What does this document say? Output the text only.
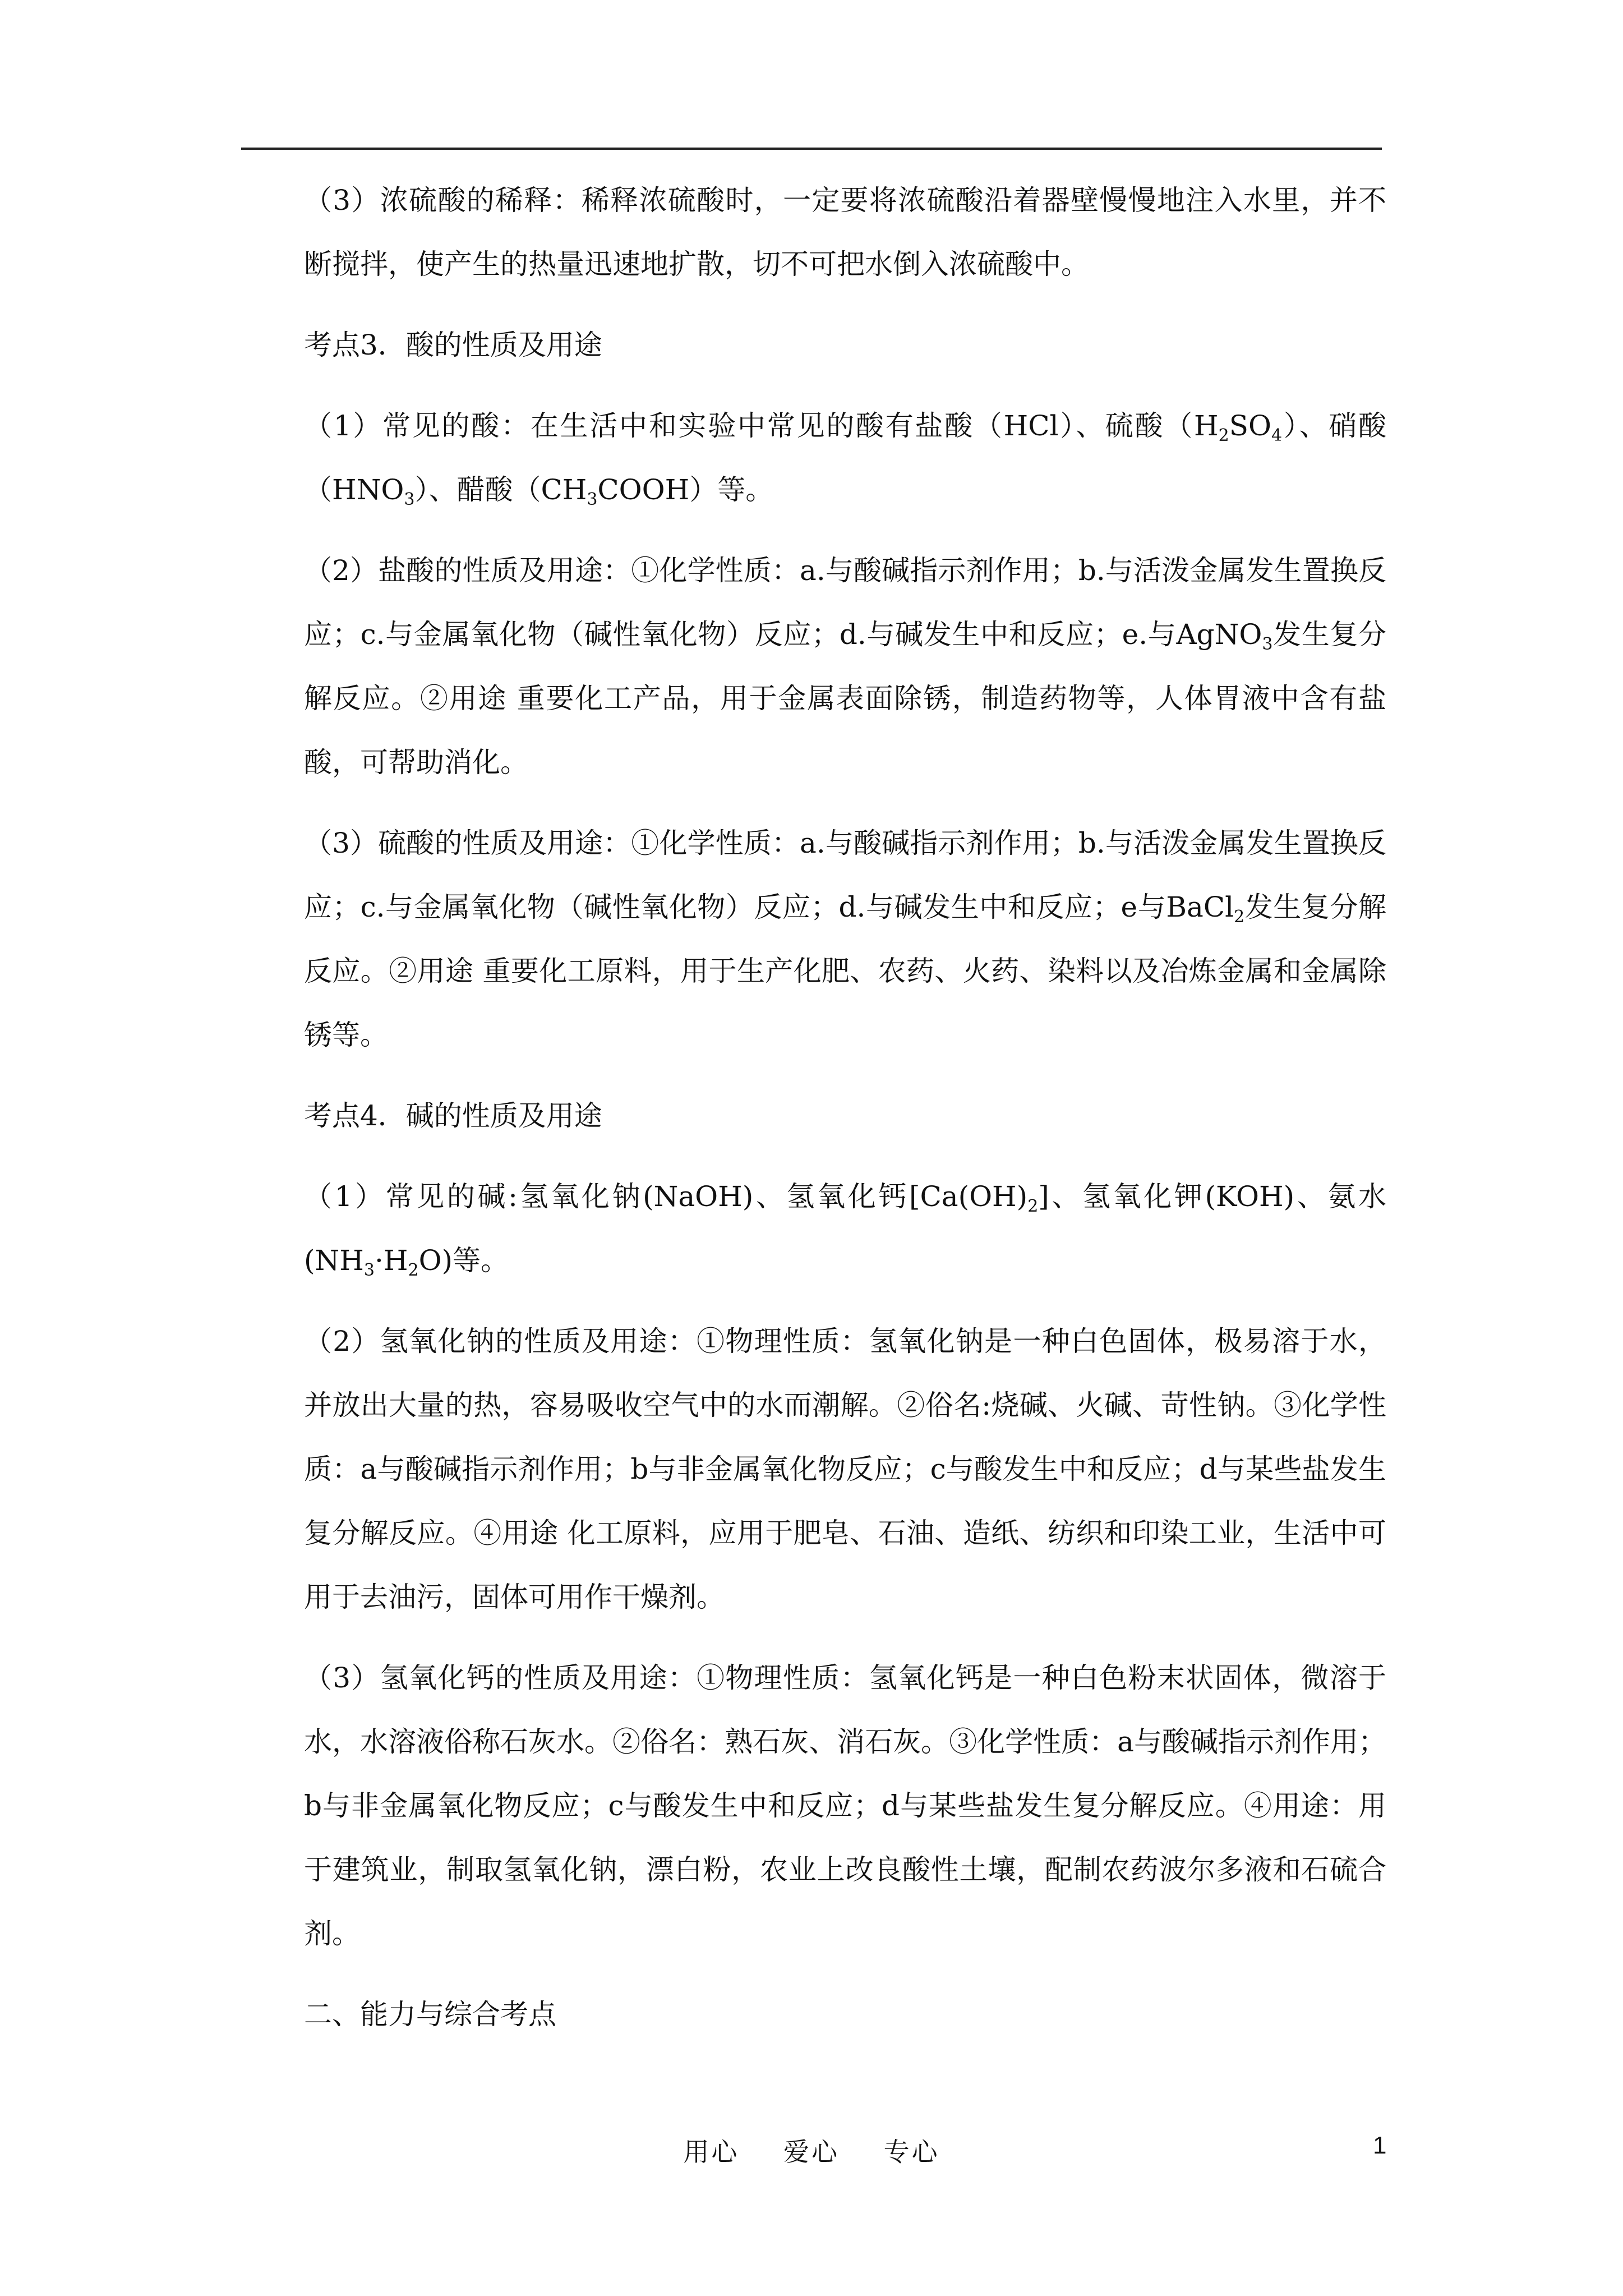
（3）浓硫酸的稀释：稀释浓硫酸时，一定要将浓硫酸沿着器壁慢慢地注入水里，并不断搅拌，使产生的热量迅速地扩散，切不可把水倒入浓硫酸中。

考点3．酸的性质及用途

（1）常见的酸：在生活中和实验中常见的酸有盐酸（HCl）、硫酸$(H_2SO_4)$、硝酸$(HNO_3)$、醋酸$(CH_3COOH)$等。

（2）盐酸的性质及用途：①化学性质：a.与酸碱指示剂作用；b.与活泼金属发生置换反应；c.与金属氧化物（碱性氧化物）反应；d.与碱发生中和反应；e.与AgNO$_3$发生复分解反应。②用途 重要化工产品，用于金属表面除锈，制造药物等，人体胃液中含有盐酸，可帮助消化。

（3）硫酸的性质及用途：①化学性质：a.与酸碱指示剂作用；b.与活泼金属发生置换反应；c.与金属氧化物（碱性氧化物）反应；d.与碱发生中和反应；e与BaCl$_2$发生复分解反应。②用途 重要化工原料，用于生产化肥、农药、火药、染料以及冶炼金属和金属除锈等。

考点4．碱的性质及用途

（1）常见的碱:氢氧化钠(NaOH)、氢氧化钙$[Ca(OH)_2]$、氢氧化钾(KOH)、氨水$(NH_3\cdot H_2O)$等。

（2）氢氧化钠的性质及用途：①物理性质：氢氧化钠是一种白色固体，极易溶于水，并放出大量的热，容易吸收空气中的水而潮解。②俗名:烧碱、火碱、苛性钠。③化学性质：a与酸碱指示剂作用；b与非金属氧化物反应；c与酸发生中和反应；d与某些盐发生复分解反应。④用途 化工原料，应用于肥皂、石油、造纸、纺织和印染工业，生活中可用于去油污，固体可用作干燥剂。

（3）氢氧化钙的性质及用途：①物理性质：氢氧化钙是一种白色粉末状固体，微溶于水，水溶液俗称石灰水。②俗名：熟石灰、消石灰。③化学性质：a与酸碱指示剂作用；b与非金属氧化物反应；c与酸发生中和反应；d与某些盐发生复分解反应。④用途：用于建筑业，制取氢氧化钠，漂白粉，农业上改良酸性土壤，配制农药波尔多液和石硫合剂。

二、能力与综合考点

用心 爱心 专心	1
